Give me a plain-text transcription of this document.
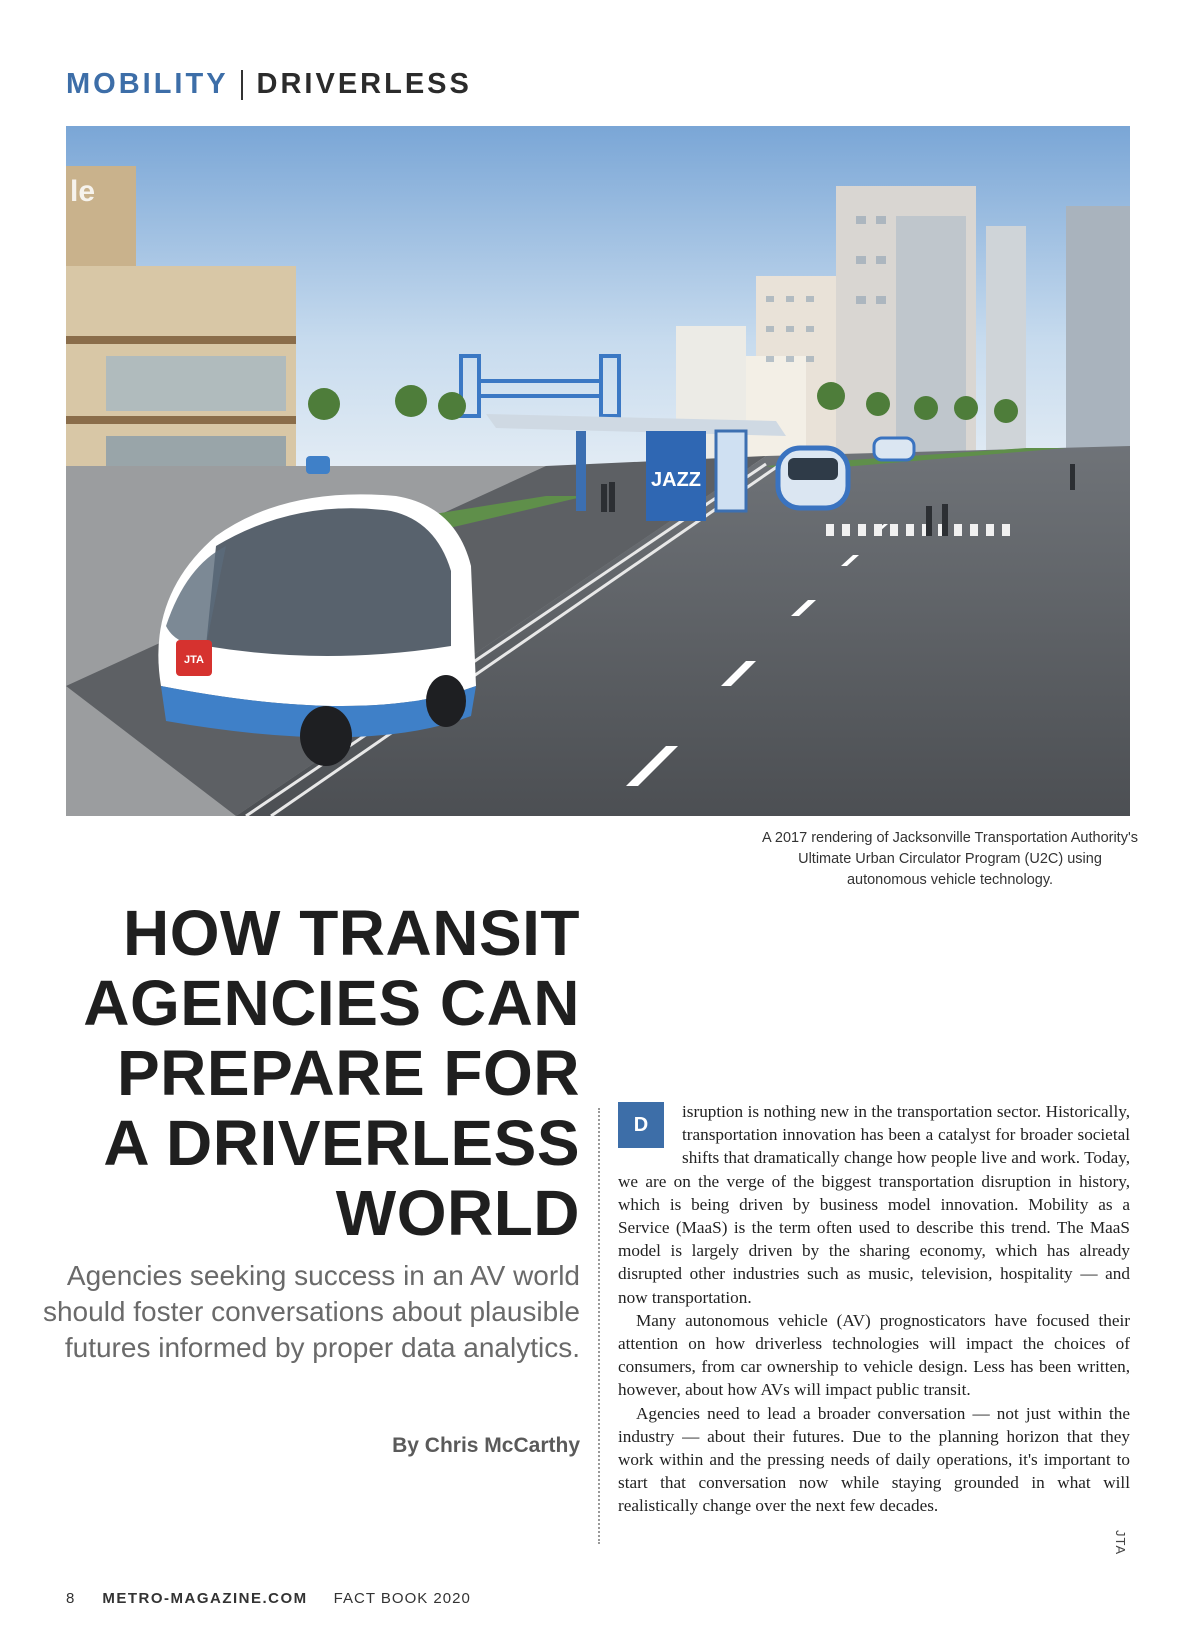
MOBILITY DRIVERLESS
le
JAZZ
JTA
JTA
A 2017 rendering of Jacksonville Transportation Authority's Ultimate Urban Circulator Program (U2C) using autonomous vehicle technology.
HOW TRANSIT
AGENCIES CAN
PREPARE FOR
A DRIVERLESS
WORLD
Agencies seeking success in an AV world should foster conversations about plausible futures informed by proper data analytics.
By Chris McCarthy

D
isruption is nothing new in the transportation sector. Historically, transportation innovation has been a catalyst for broader societal shifts that dramatically change how people live and work. Today, we are on the verge of the biggest transportation disruption in history, which is being driven by business model innovation. Mobility as a Service (MaaS) is the term often used to describe this trend. The MaaS model is largely driven by the sharing economy, which has already disrupted other industries such as music, television, hospitality — and now transportation.

Many autonomous vehicle (AV) prognosticators have focused their attention on how driverless technologies will impact the choices of consumers, from car ownership to vehicle design. Less has been written, however, about how AVs will impact public transit.

Agencies need to lead a broader conversation — not just within the industry — about their futures. Due to the planning horizon that they work within and the pressing needs of daily operations, it's important to start that conversation now while staying grounded in what will realistically change over the next few decades.

8 METRO-MAGAZINE.COM FACT BOOK 2020
